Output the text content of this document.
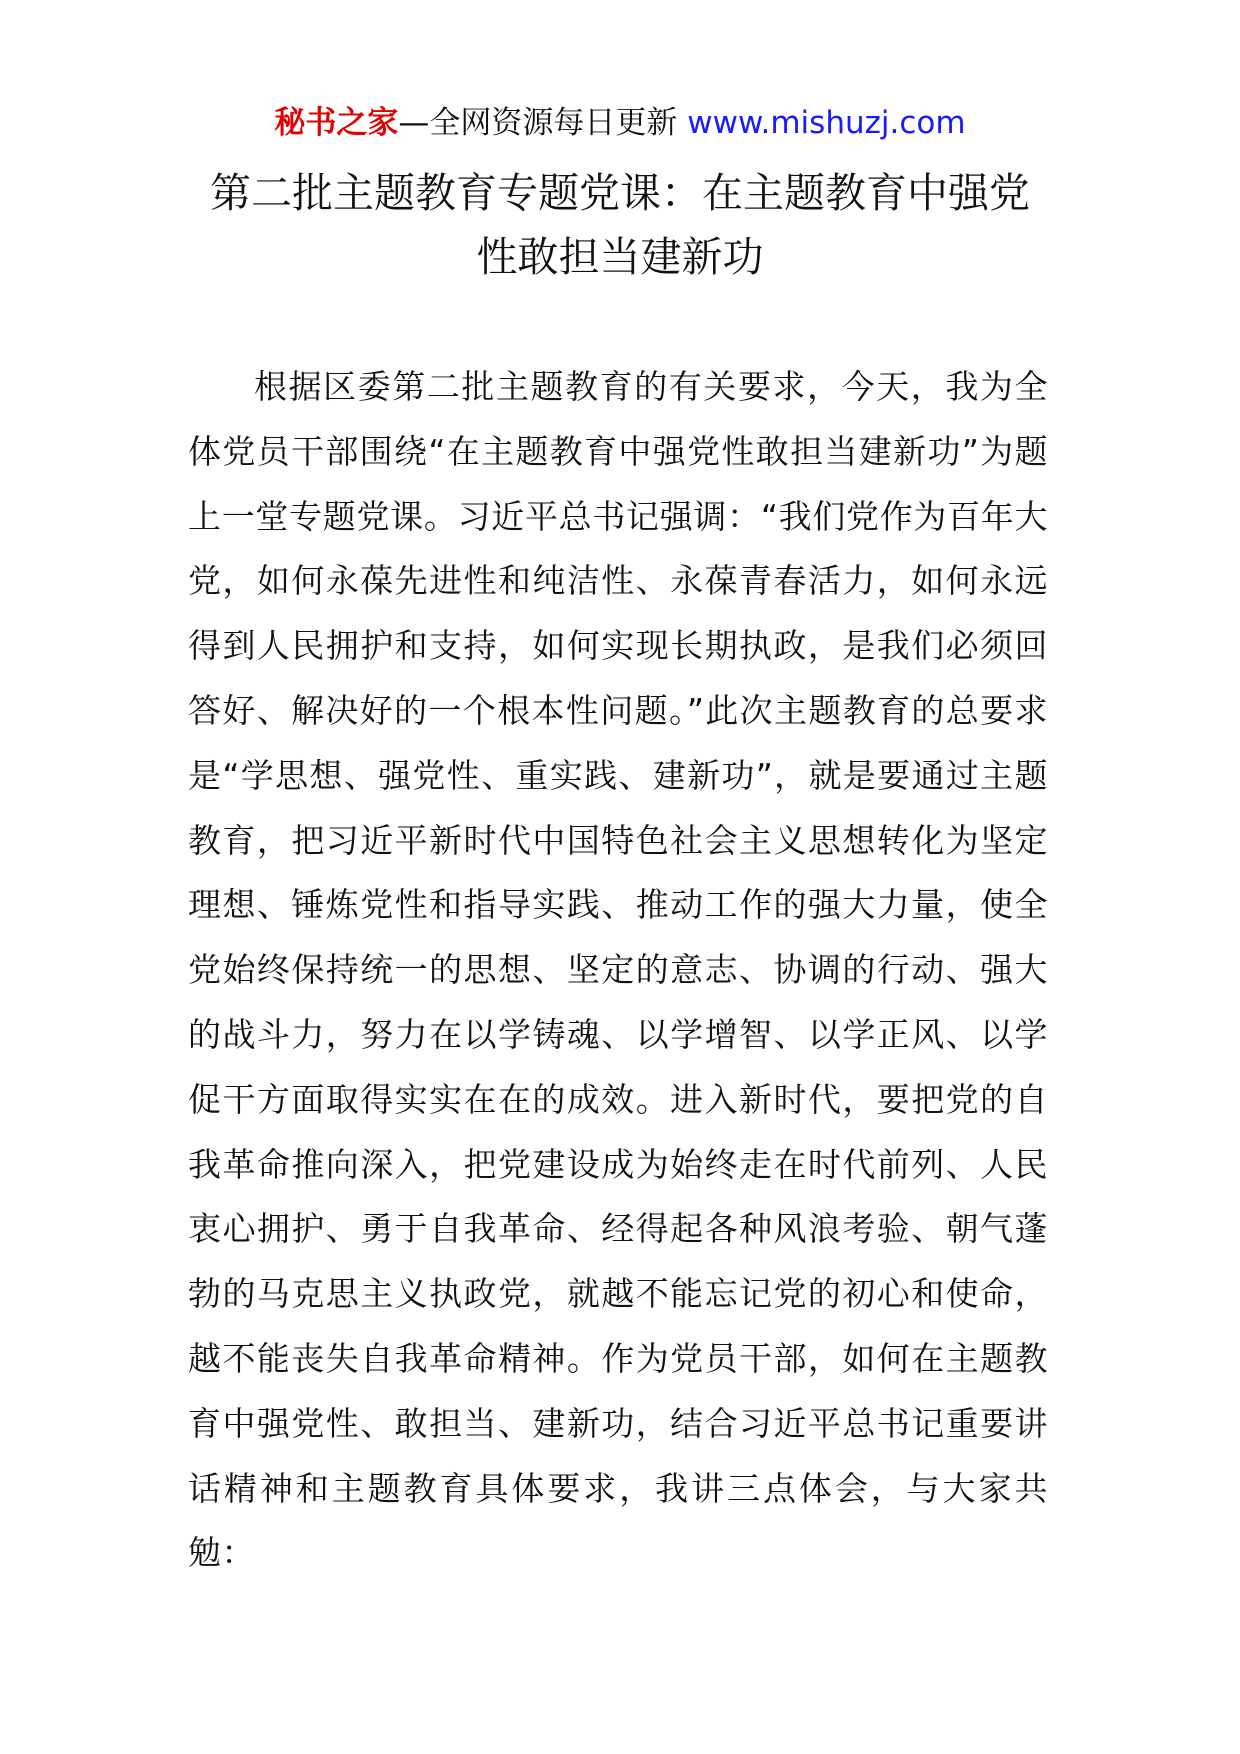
秘书之家—全网资源每日更新 www.mishuzj.com
第二批主题教育专题党课：在主题教育中强党
性敢担当建新功

根据区委第二批主题教育的有关要求，今天，我为全体党员干部围绕“在主题教育中强党性敢担当建新功”为题上一堂专题党课。习近平总书记强调：“我们党作为百年大党，如何永葆先进性和纯洁性、永葆青春活力，如何永远得到人民拥护和支持，如何实现长期执政，是我们必须回答好、解决好的一个根本性问题。”此次主题教育的总要求是“学思想、强党性、重实践、建新功”，就是要通过主题教育，把习近平新时代中国特色社会主义思想转化为坚定理想、锤炼党性和指导实践、推动工作的强大力量，使全党始终保持统一的思想、坚定的意志、协调的行动、强大的战斗力，努力在以学铸魂、以学增智、以学正风、以学促干方面取得实实在在的成效。进入新时代，要把党的自我革命推向深入，把党建设成为始终走在时代前列、人民衷心拥护、勇于自我革命、经得起各种风浪考验、朝气蓬勃的马克思主义执政党，就越不能忘记党的初心和使命，越不能丧失自我革命精神。作为党员干部，如何在主题教育中强党性、敢担当、建新功，结合习近平总书记重要讲话精神和主题教育具体要求，我讲三点体会，与大家共勉：
